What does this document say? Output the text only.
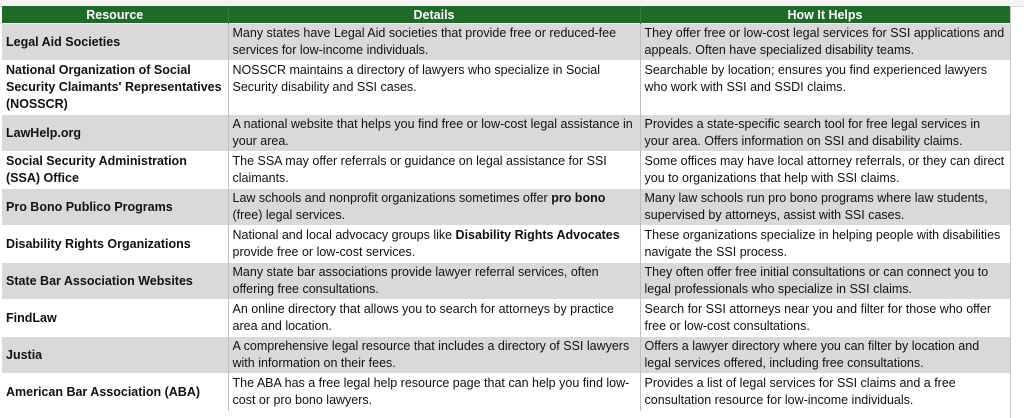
Resource	Details	How It Helps
Legal Aid Societies	Many states have Legal Aid societies that provide free or reduced-fee services for low-income individuals.	They offer free or low-cost legal services for SSI applications and appeals. Often have specialized disability teams.
National Organization of Social Security Claimants' Representatives (NOSSCR)	NOSSCR maintains a directory of lawyers who specialize in Social Security disability and SSI cases.	Searchable by location; ensures you find experienced lawyers who work with SSI and SSDI claims.
LawHelp.org	A national website that helps you find free or low-cost legal assistance in your area.	Provides a state-specific search tool for free legal services in your area. Offers information on SSI and disability claims.
Social Security Administration (SSA) Office	The SSA may offer referrals or guidance on legal assistance for SSI claimants.	Some offices may have local attorney referrals, or they can direct you to organizations that help with SSI claims.
Pro Bono Publico Programs	Law schools and nonprofit organizations sometimes offer pro bono (free) legal services.	Many law schools run pro bono programs where law students, supervised by attorneys, assist with SSI cases.
Disability Rights Organizations	National and local advocacy groups like Disability Rights Advocates provide free or low-cost services.	These organizations specialize in helping people with disabilities navigate the SSI process.
State Bar Association Websites	Many state bar associations provide lawyer referral services, often offering free consultations.	They often offer free initial consultations or can connect you to legal professionals who specialize in SSI claims.
FindLaw	An online directory that allows you to search for attorneys by practice area and location.	Search for SSI attorneys near you and filter for those who offer free or low-cost consultations.
Justia	A comprehensive legal resource that includes a directory of SSI lawyers with information on their fees.	Offers a lawyer directory where you can filter by location and legal services offered, including free consultations.
American Bar Association (ABA)	The ABA has a free legal help resource page that can help you find low-cost or pro bono lawyers.	Provides a list of legal services for SSI claims and a free consultation resource for low-income individuals.
